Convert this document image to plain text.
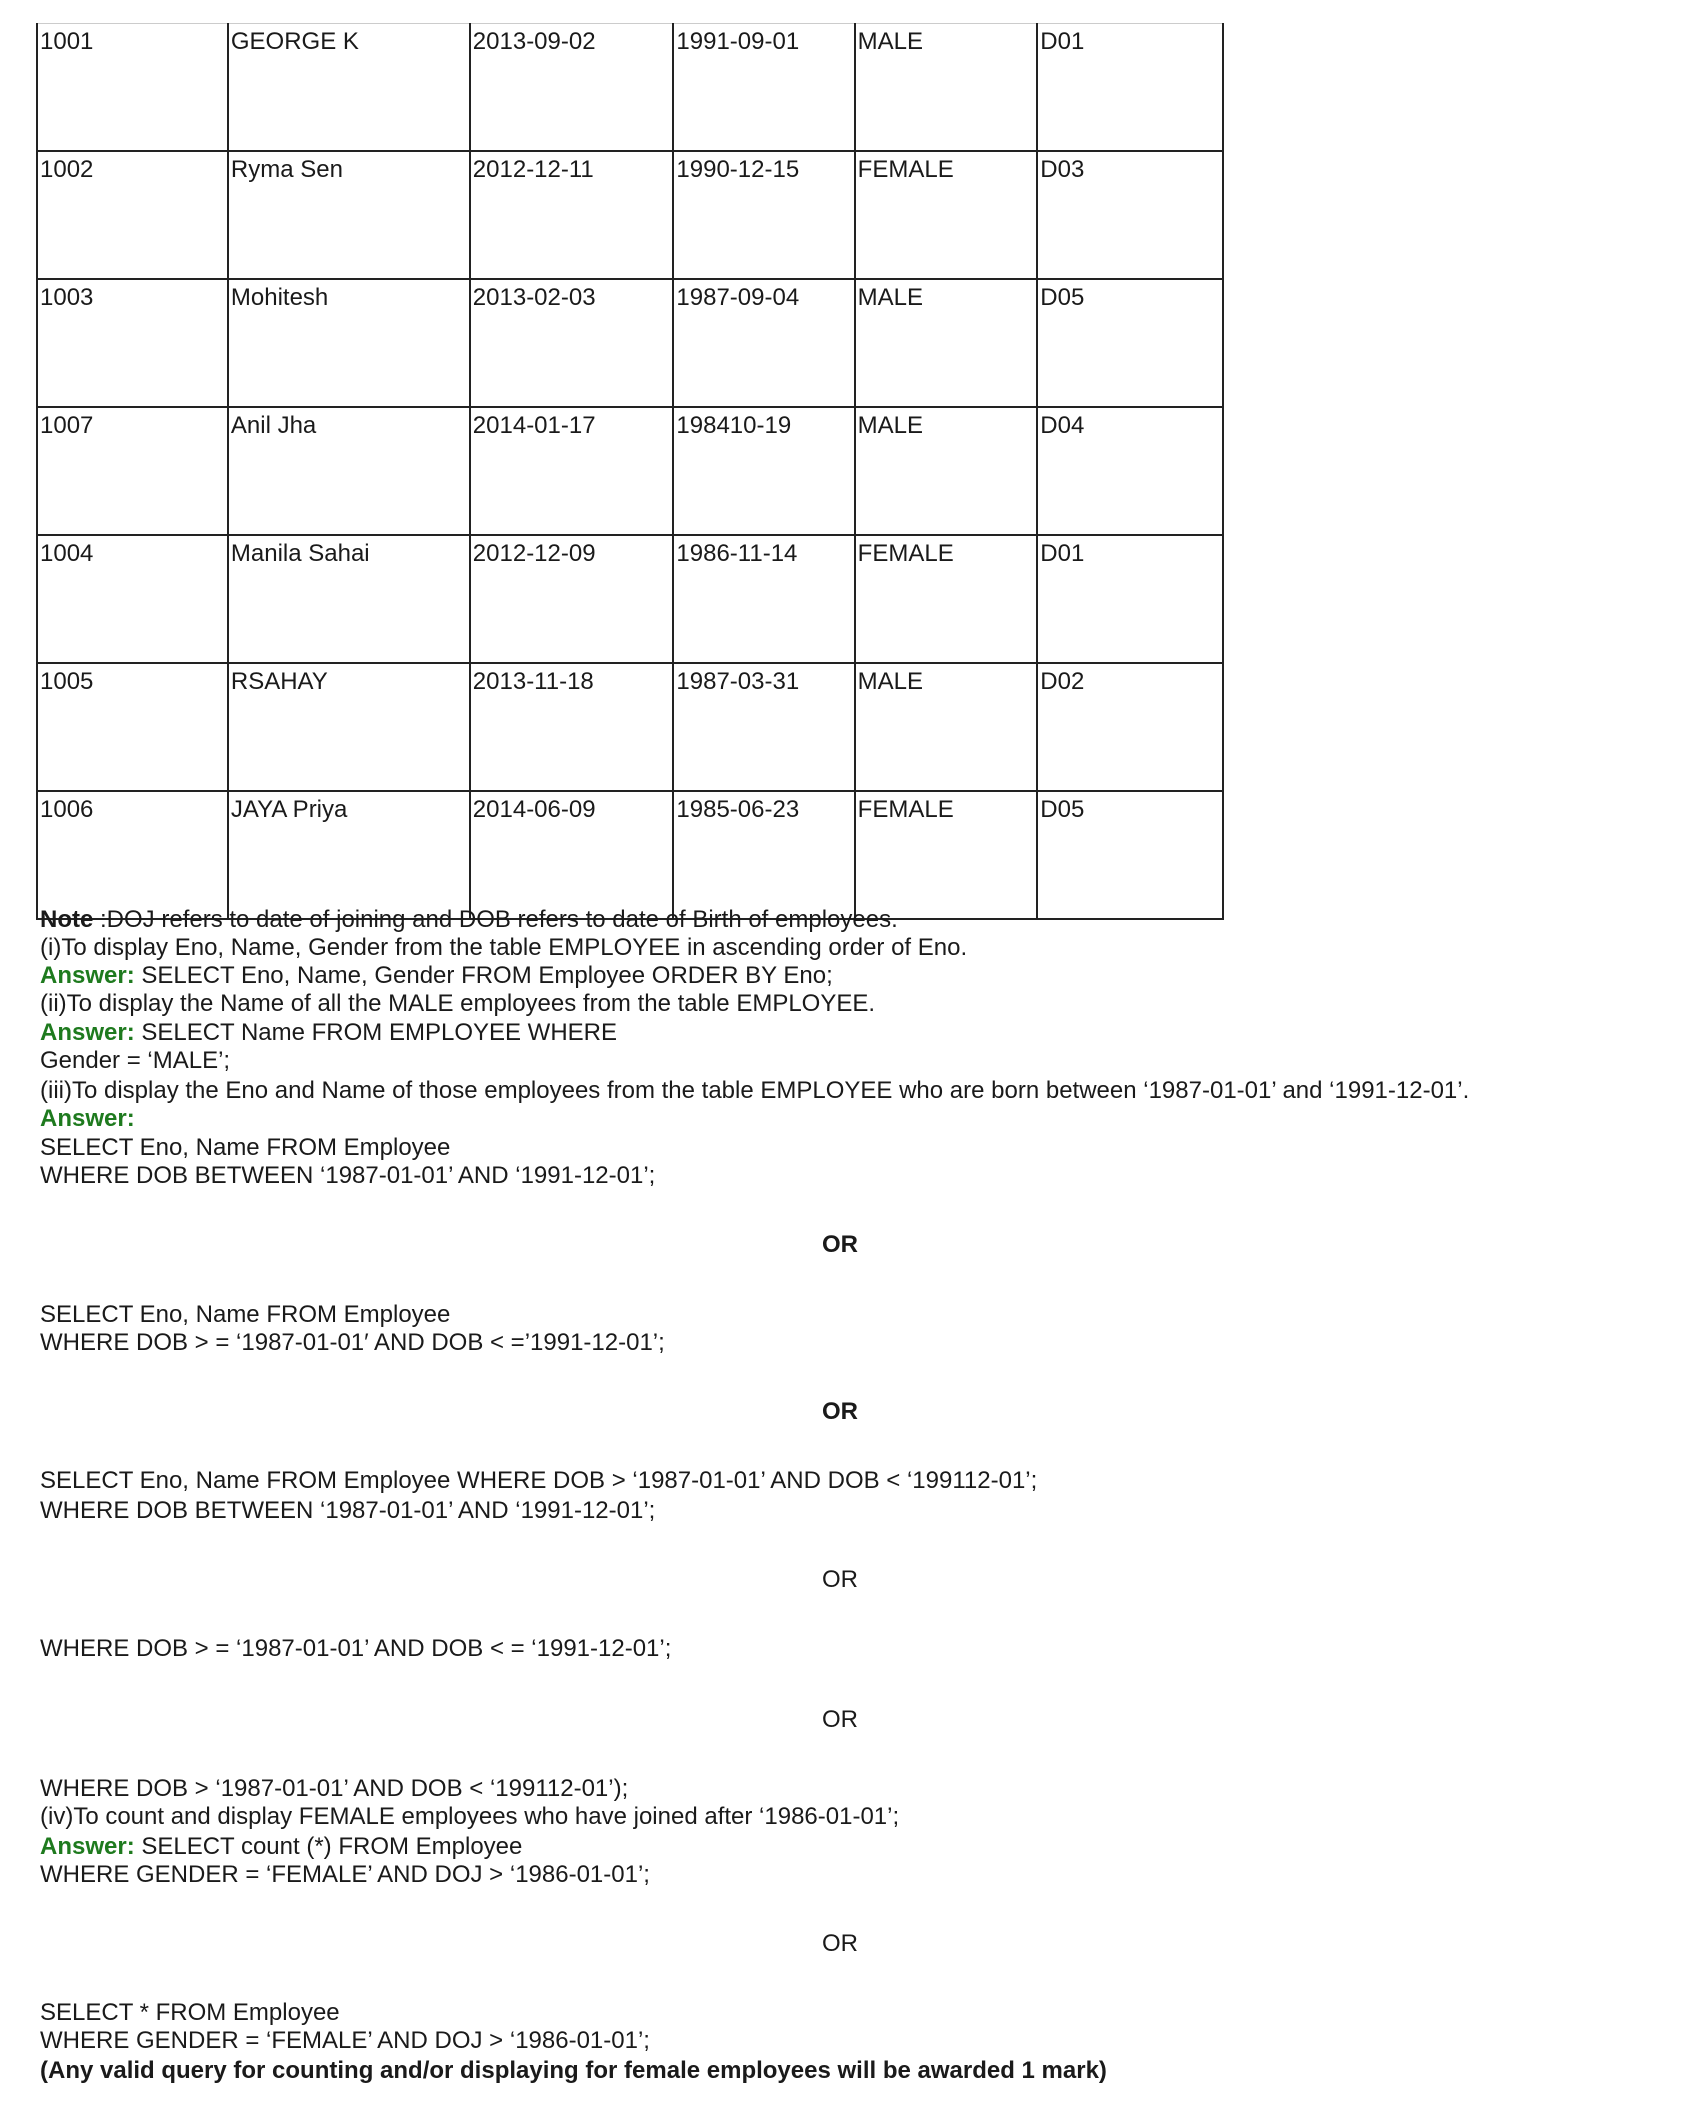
1001	GEORGE K	2013-09-02	1991-09-01	MALE	D01
1002	Ryma Sen	2012-12-11	1990-12-15	FEMALE	D03
1003	Mohitesh	2013-02-03	1987-09-04	MALE	D05
1007	Anil Jha	2014-01-17	198410-19	MALE	D04
1004	Manila Sahai	2012-12-09	1986-11-14	FEMALE	D01
1005	RSAHAY	2013-11-18	1987-03-31	MALE	D02
1006	JAYA Priya	2014-06-09	1985-06-23	FEMALE	D05
Note :DOJ refers to date of joining and DOB refers to date of Birth of employees.
(i)To display Eno, Name, Gender from the table EMPLOYEE in ascending order of Eno.
Answer: SELECT Eno, Name, Gender FROM Employee ORDER BY Eno;
(ii)To display the Name of all the MALE employees from the table EMPLOYEE.
Answer: SELECT Name FROM EMPLOYEE WHERE
Gender = ‘MALE’;
(iii)To display the Eno and Name of those employees from the table EMPLOYEE who are born between ‘1987-01-01’ and ‘1991-12-01’.
Answer:
SELECT Eno, Name FROM Employee
WHERE DOB BETWEEN ‘1987-01-01’ AND ‘1991-12-01’;
OR
SELECT Eno, Name FROM Employee
WHERE DOB > = ‘1987-01-01′ AND DOB < =’1991-12-01’;
OR
SELECT Eno, Name FROM Employee WHERE DOB > ‘1987-01-01’ AND DOB < ‘199112-01’;
WHERE DOB BETWEEN ‘1987-01-01’ AND ‘1991-12-01’;
OR
WHERE DOB > = ‘1987-01-01’ AND DOB < = ‘1991-12-01’;
OR
WHERE DOB > ‘1987-01-01’ AND DOB < ‘199112-01’);
(iv)To count and display FEMALE employees who have joined after ‘1986-01-01’;
Answer: SELECT count (*) FROM Employee
WHERE GENDER = ‘FEMALE’ AND DOJ > ‘1986-01-01’;
OR
SELECT * FROM Employee
WHERE GENDER = ‘FEMALE’ AND DOJ > ‘1986-01-01’;
(Any valid query for counting and/or displaying for female employees will be awarded 1 mark)
